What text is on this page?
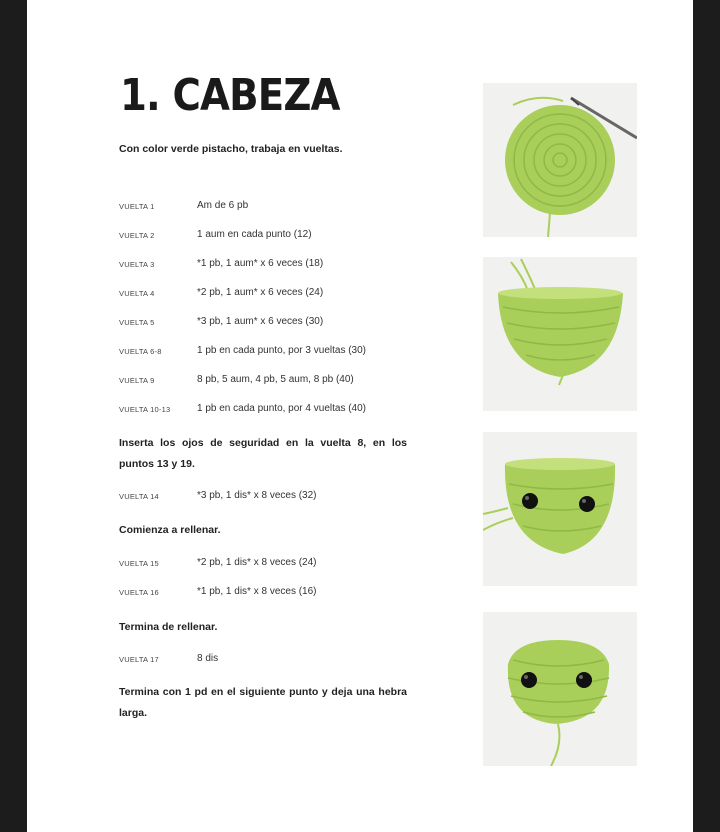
1. CABEZA
Con color verde pistacho, trabaja en vueltas.
VUELTA 1	Am de 6 pb
VUELTA 2	1 aum en cada punto (12)
VUELTA 3	*1 pb, 1 aum* x 6 veces (18)
VUELTA 4	*2 pb, 1 aum* x 6 veces (24)
VUELTA 5	*3 pb, 1 aum* x 6 veces (30)
VUELTA 6-8	1 pb en cada punto, por 3 vueltas (30)
VUELTA 9	8 pb, 5 aum, 4 pb, 5 aum, 8 pb (40)
VUELTA 10-13	1 pb en cada punto, por 4 vueltas (40)

Inserta los ojos de seguridad en la vuelta 8, en los puntos 13 y 19.

VUELTA 14	*3 pb, 1 dis* x 8 veces (32)

Comienza a rellenar.

VUELTA 15	*2 pb, 1 dis* x 8 veces (24)
VUELTA 16	*1 pb, 1 dis* x 8 veces (16)

Termina de rellenar.

VUELTA 17	8 dis

Termina con 1 pd en el siguiente punto y deja una hebra larga.
